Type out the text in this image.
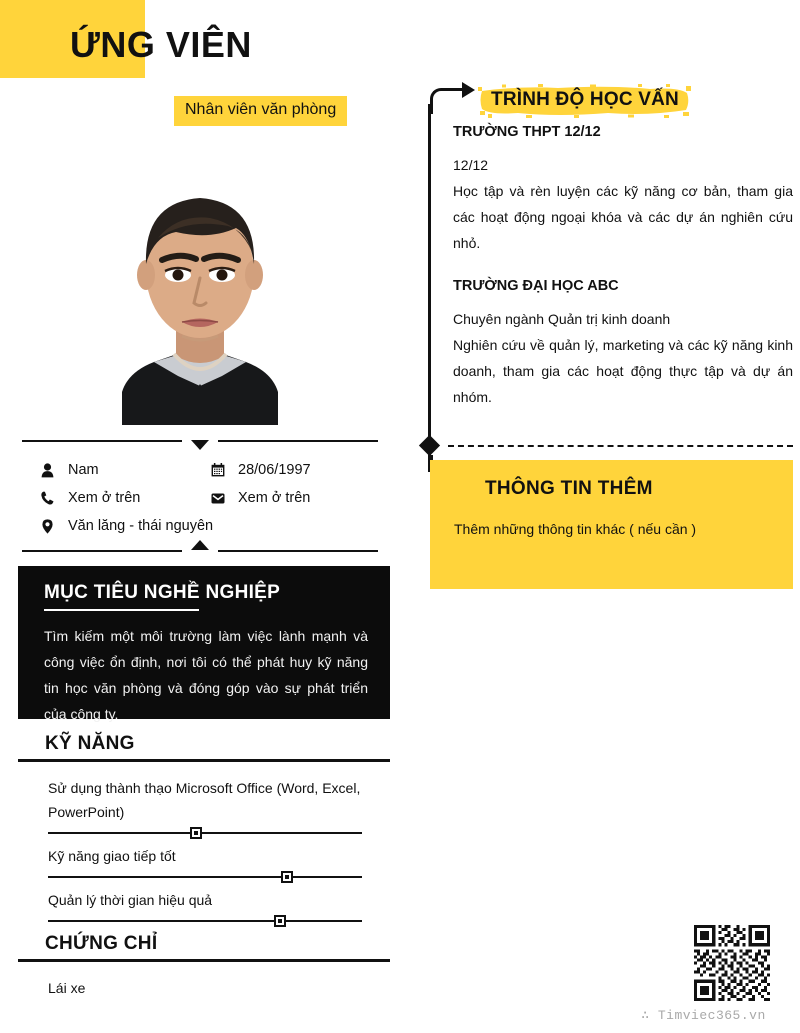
ỨNG VIÊN
Nhân viên văn phòng
Nam	28/06/1997
Xem ở trên	Xem ở trên
Văn lăng - thái nguyên
MỤC TIÊU NGHỀ NGHIỆP

Tìm kiếm một môi trường làm việc lành mạnh và công việc ổn định, nơi tôi có thể phát huy kỹ năng tin học văn phòng và đóng góp vào sự phát triển của công ty.

KỸ NĂNG
Sử dụng thành thạo Microsoft Office (Word, Excel, PowerPoint)
Kỹ năng giao tiếp tốt
Quản lý thời gian hiệu quả
CHỨNG CHỈ
Lái xe
TRÌNH ĐỘ HỌC VẤN
TRƯỜNG THPT 12/12
12/12
Học tập và rèn luyện các kỹ năng cơ bản, tham gia các hoạt động ngoại khóa và các dự án nghiên cứu nhỏ.
TRƯỜNG ĐẠI HỌC ABC
Chuyên ngành Quản trị kinh doanh
Nghiên cứu về quản lý, marketing và các kỹ năng kinh doanh, tham gia các hoạt động thực tập và dự án nhóm.
THÔNG TIN THÊM

Thêm những thông tin khác ( nếu cần )

∴ Timviec365.vn
